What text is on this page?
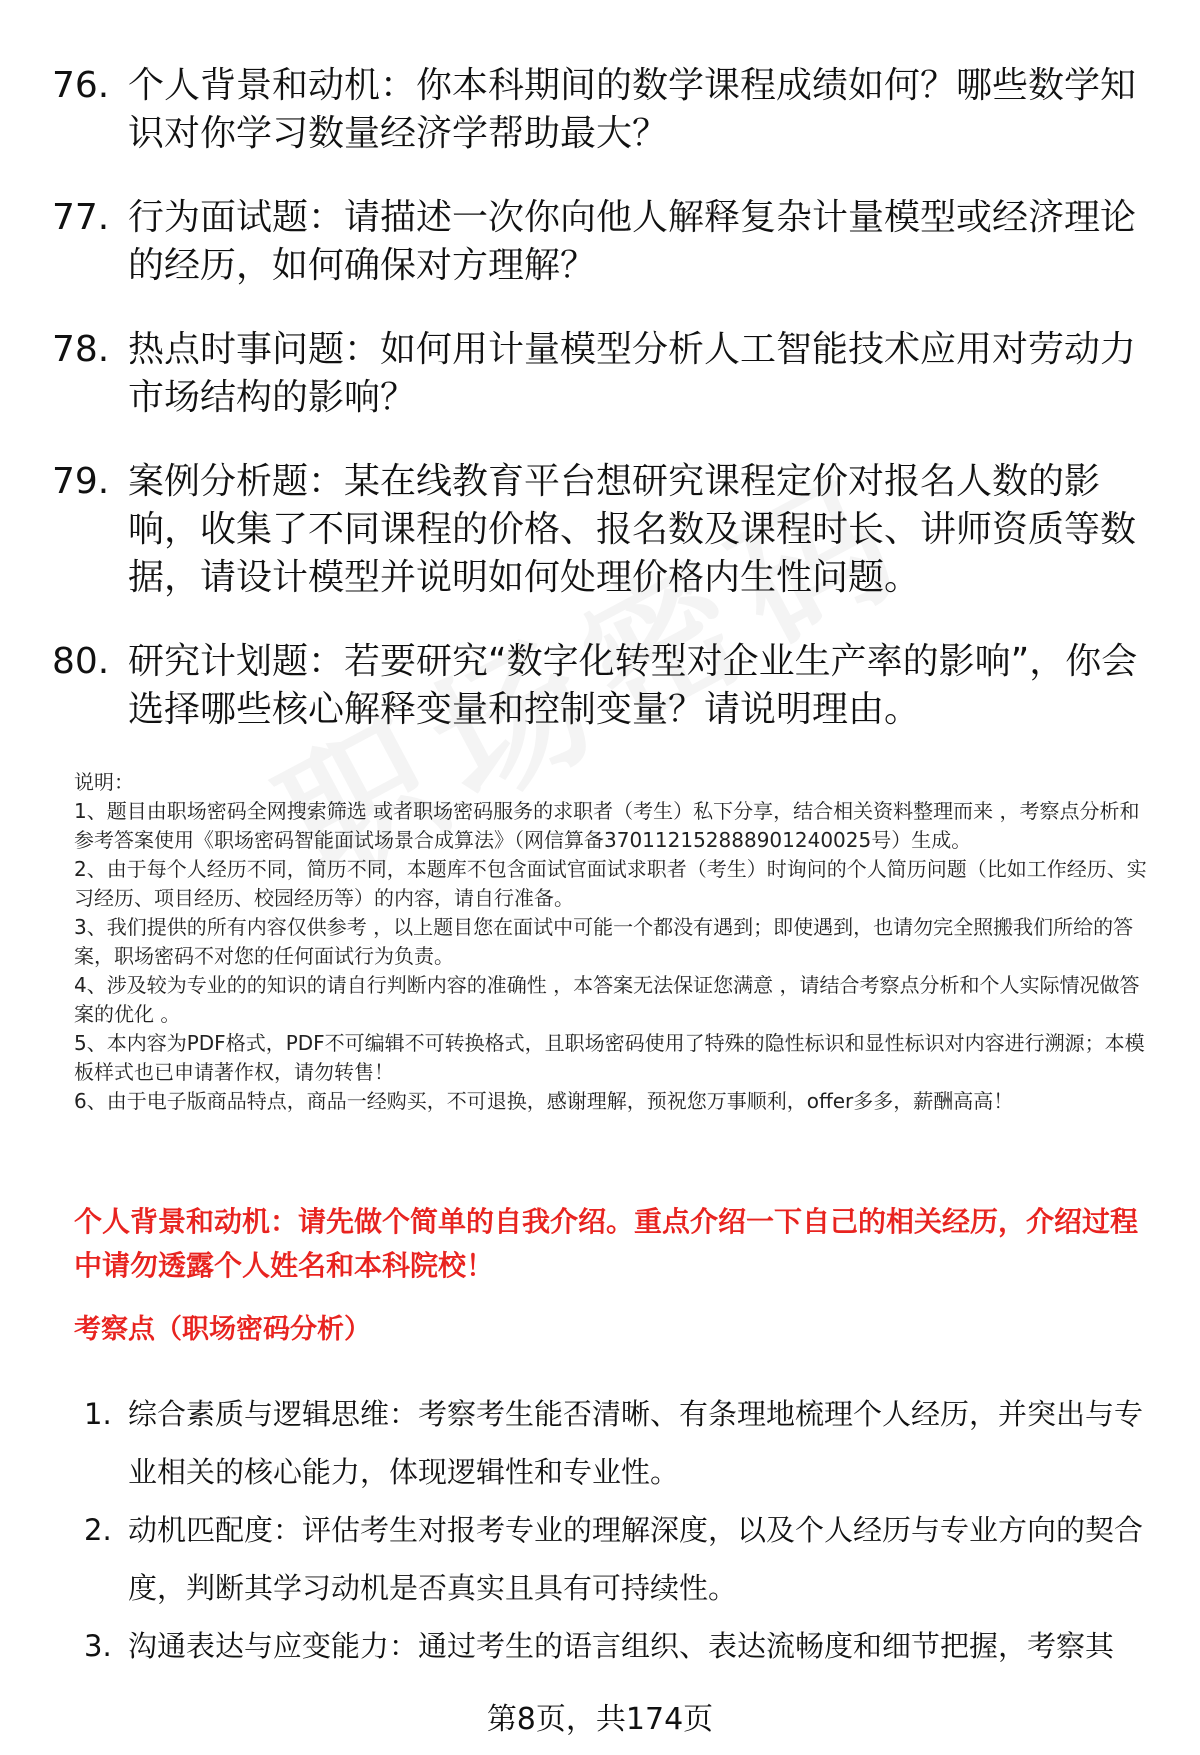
76. 个人背景和动机：你本科期间的数学课程成绩如何？哪些数学知识对你学习数量经济学帮助最大？
77. 行为面试题：请描述一次你向他人解释复杂计量模型或经济理论的经历，如何确保对方理解？
78. 热点时事问题：如何用计量模型分析人工智能技术应用对劳动力市场结构的影响？
79. 案例分析题：某在线教育平台想研究课程定价对报名人数的影响，收集了不同课程的价格、报名数及课程时长、讲师资质等数据，请设计模型并说明如何处理价格内生性问题。
80. 研究计划题：若要研究“数字化转型对企业生产率的影响”，你会选择哪些核心解释变量和控制变量？请说明理由。

说明：

1、题目由职场密码全网搜索筛选 或者职场密码服务的求职者（考生）私下分享，结合相关资料整理而来 ，考察点分析和参考答案使用《职场密码智能面试场景合成算法》（网信算备370112152888901240025号）生成。

2、由于每个人经历不同，简历不同，本题库不包含面试官面试求职者（考生）时询问的个人简历问题（比如工作经历、实习经历、项目经历、校园经历等）的内容，请自行准备。

3、我们提供的所有内容仅供参考 ，以上题目您在面试中可能一个都没有遇到；即使遇到，也请勿完全照搬我们所给的答案，职场密码不对您的任何面试行为负责。

4、涉及较为专业的的知识的请自行判断内容的准确性 ，本答案无法保证您满意 ，请结合考察点分析和个人实际情况做答案的优化 。

5、本内容为PDF格式，PDF不可编辑不可转换格式，且职场密码使用了特殊的隐性标识和显性标识对内容进行溯源；本模板样式也已申请著作权，请勿转售！

6、由于电子版商品特点，商品一经购买，不可退换，感谢理解，预祝您万事顺利，offer多多，薪酬高高！

个人背景和动机：请先做个简单的自我介绍。重点介绍一下自己的相关经历，介绍过程中请勿透露个人姓名和本科院校！
考察点（职场密码分析）
1. 综合素质与逻辑思维：考察考生能否清晰、有条理地梳理个人经历，并突出与专业相关的核心能力，体现逻辑性和专业性。
2. 动机匹配度：评估考生对报考专业的理解深度，以及个人经历与专业方向的契合度，判断其学习动机是否真实且具有可持续性。
3. 沟通表达与应变能力：通过考生的语言组织、表达流畅度和细节把握，考察其
第8页，共174页
